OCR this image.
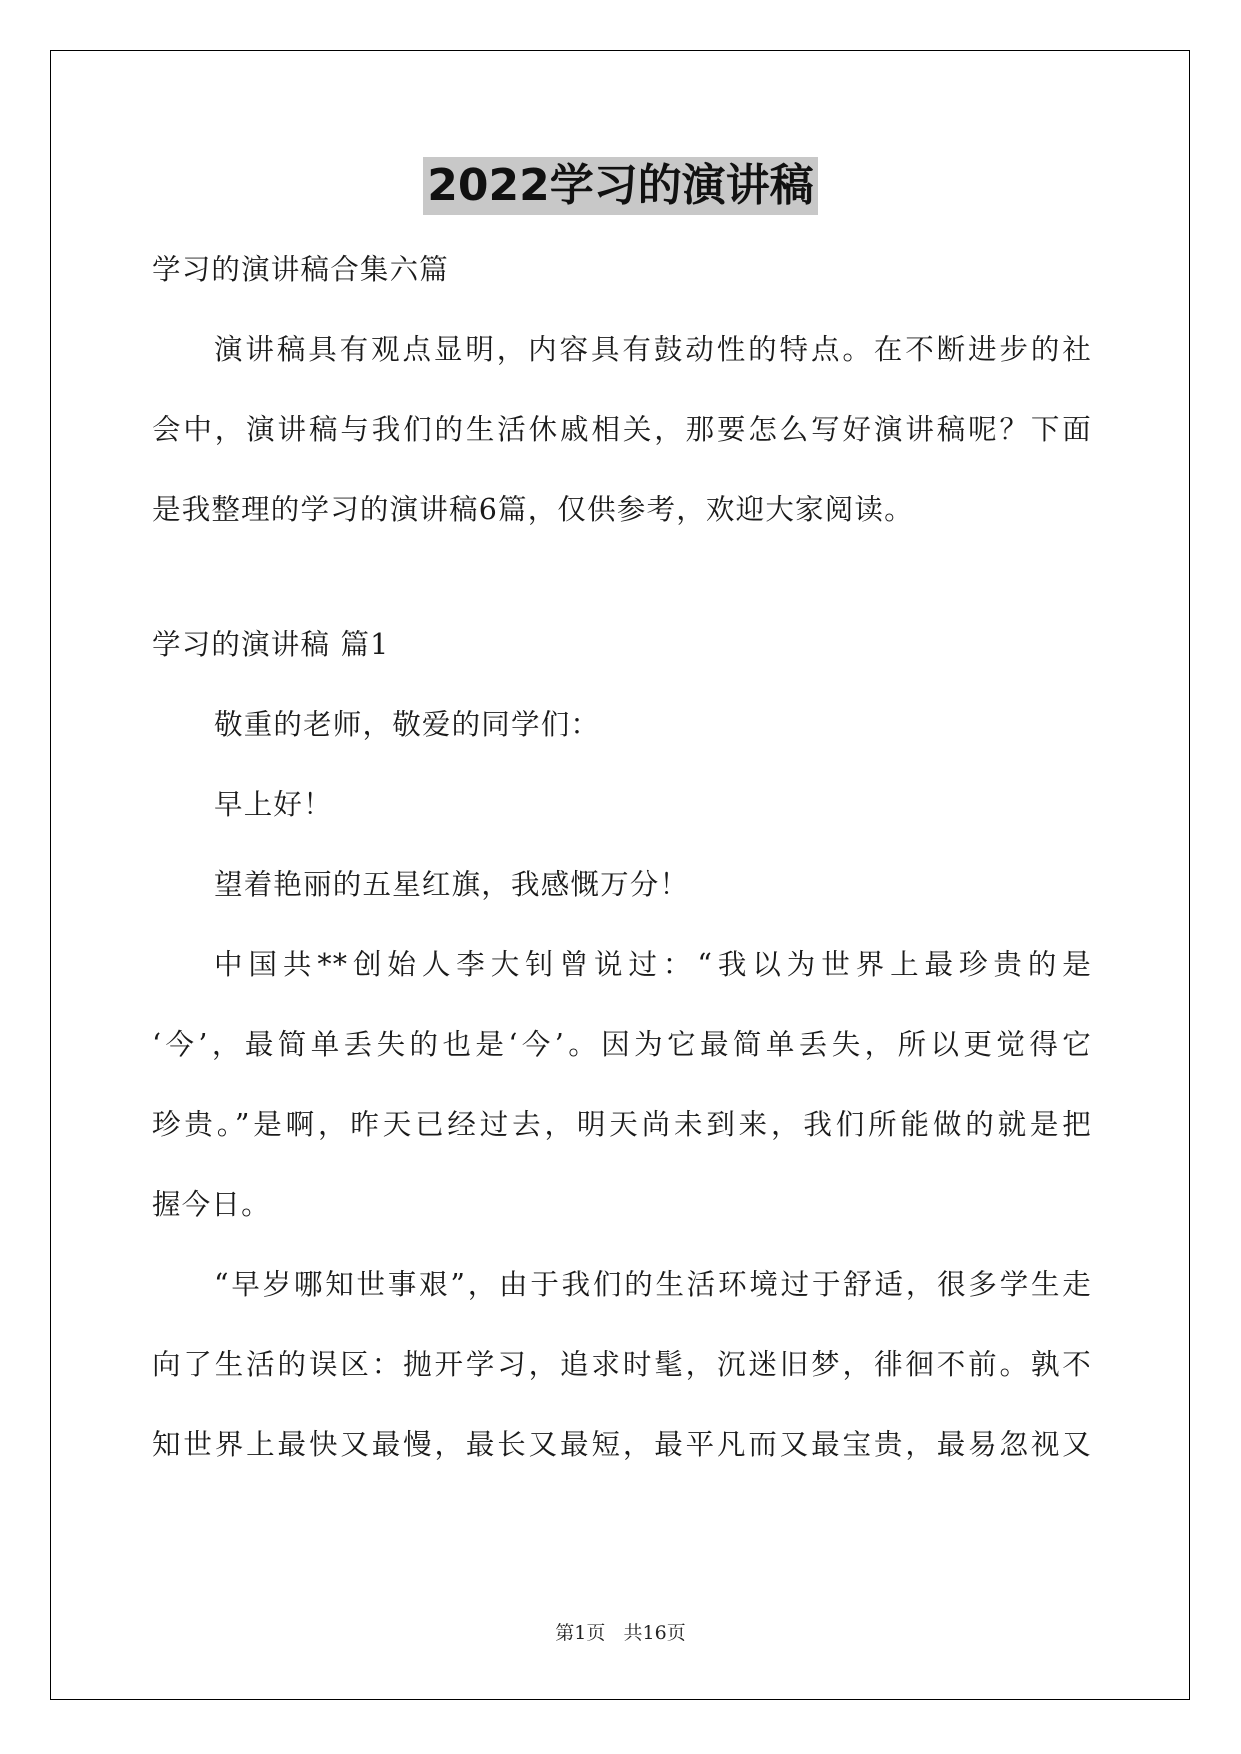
2022学习的演讲稿
学习的演讲稿合集六篇
演讲稿具有观点显明，内容具有鼓动性的特点。在不断进步的社
会中，演讲稿与我们的生活休戚相关，那要怎么写好演讲稿呢？下面
是我整理的学习的演讲稿6篇，仅供参考，欢迎大家阅读。
学习的演讲稿 篇1
敬重的老师，敬爱的同学们：
早上好！
望着艳丽的五星红旗，我感慨万分！
中国共**创始人李大钊曾说过：“我以为世界上最珍贵的是
‘今’，最简单丢失的也是‘今’。因为它最简单丢失，所以更觉得它
珍贵。”是啊，昨天已经过去，明天尚未到来，我们所能做的就是把
握今日。
“早岁哪知世事艰”，由于我们的生活环境过于舒适，很多学生走
向了生活的误区：抛开学习，追求时髦，沉迷旧梦，徘徊不前。孰不
知世界上最快又最慢，最长又最短，最平凡而又最宝贵，最易忽视又
第1页 共16页
